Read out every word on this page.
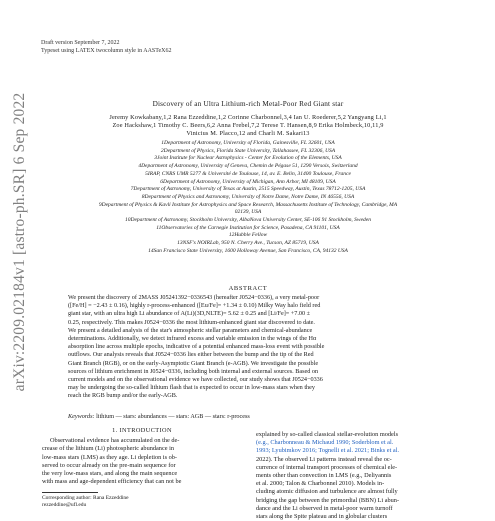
arXiv:2209.02184v1 [astro-ph.SR] 6 Sep 2022
Draft version September 7, 2022
Typeset using LATEX twocolumn style in AASTeX62
Discovery of an Ultra Lithium-rich Metal-Poor Red Giant star
Jeremy Kowkabany,1,2 Rana Ezzeddine,1,2 Corinne Charbonnel,3,4 Ian U. Roederer,5,2 Yangyang Li,1
Zoe Hackshaw,1 Timothy C. Beers,6,2 Anna Frebel,7,2 Terese T. Hansen,8,9 Erika Holmbeck,10,11,9
Vinicius M. Placco,12 and Charli M. Sakari13
1Department of Astronomy, University of Florida, Gainesville, FL 32601, USA
2Department of Physics, Florida State University, Tallahassee, FL 32306, USA
3Joint Institute for Nuclear Astrophysics - Center for Evolution of the Elements, USA
4Department of Astronomy, University of Geneva, Chemin de Pégase 51, 1290 Versoix, Switzerland
5IRAP, CNRS UMR 5277 & Université de Toulouse, 14, av. E. Belin, 31400 Toulouse, France
6Department of Astronomy, University of Michigan, Ann Arbor, MI 48109, USA
7Department of Astronomy, University of Texas at Austin, 2515 Speedway, Austin, Texas 78712-1205, USA
8Department of Physics and Astronomy, University of Notre Dame, Notre Dame, IN 46556, USA
9Department of Physics & Kavli Institute for Astrophysics and Space Research, Massachusetts Institute of Technology, Cambridge, MA
02139, USA
10Department of Astronomy, Stockholm University, AlbaNova University Center, SE-106 91 Stockholm, Sweden
11Observatories of the Carnegie Institution for Science, Pasadena, CA 91101, USA
12Hubble Fellow
13NSF's NOIRLab, 950 N. Cherry Ave., Tucson, AZ 85719, USA
14San Francisco State University, 1600 Holloway Avenue, San Francisco, CA, 94132 USA
ABSTRACT
We present the discovery of 2MASS J05241392−0336543 (hereafter J0524−0336), a very metal-poor
([Fe/H] = −2.43 ± 0.16), highly r-process-enhanced ([Eu/Fe]= +1.34 ± 0.10) Milky Way halo field red
giant star, with an ultra high Li abundance of A(Li)(3D,NLTE)= 5.62 ± 0.25 and [Li/Fe]= +7.00 ±
0.25, respectively. This makes J0524−0336 the most lithium-enhanced giant star discovered to date.
We present a detailed analysis of the star's atmospheric stellar parameters and chemical-abundance
determinations. Additionally, we detect infrared excess and variable emission in the wings of the Hα
absorption line across multiple epochs, indicative of a potential enhanced mass-loss event with possible
outflows. Our analysis reveals that J0524−0336 lies either between the bump and the tip of the Red
Giant Branch (RGB), or on the early-Asymptotic Giant Branch (e-AGB). We investigate the possible
sources of lithium enrichment in J0524−0336, including both internal and external sources. Based on
current models and on the observational evidence we have collected, our study shows that J0524−0336
may be undergoing the so-called lithium flash that is expected to occur in low-mass stars when they
reach the RGB bump and/or the early-AGB.
Keywords: lithium — stars: abundances — stars: AGB — stars: r-process
1. INTRODUCTION
Observational evidence has accumulated on the de-
crease of the lithium (Li) photospheric abundance in
low-mass stars (LMS) as they age. Li depletion is ob-
served to occur already on the pre-main sequence for
the very low-mass stars, and along the main sequence
with mass and age-dependent efficiency that can not be
Corresponding author: Rana Ezzeddine
rezzeddine@ufl.edu
explained by so-called classical stellar-evolution models
(e.g., Charbonneau & Michaud 1990; Soderblom et al.
1993; Lyubimkov 2016; Tognelli et al. 2021; Binks et al.
2022). The observed Li patterns instead reveal the oc-
currence of internal transport processes of chemical ele-
ments other than convection in LMS (e.g., Deliyannis
et al. 2000; Talon & Charbonnel 2010). Models in-
cluding atomic diffusion and turbulence are almost fully
bridging the gap between the primordial (BBN) Li abun-
dance and the Li observed in metal-poor warm turnoff
stars along the Spite plateau and in globular clusters
